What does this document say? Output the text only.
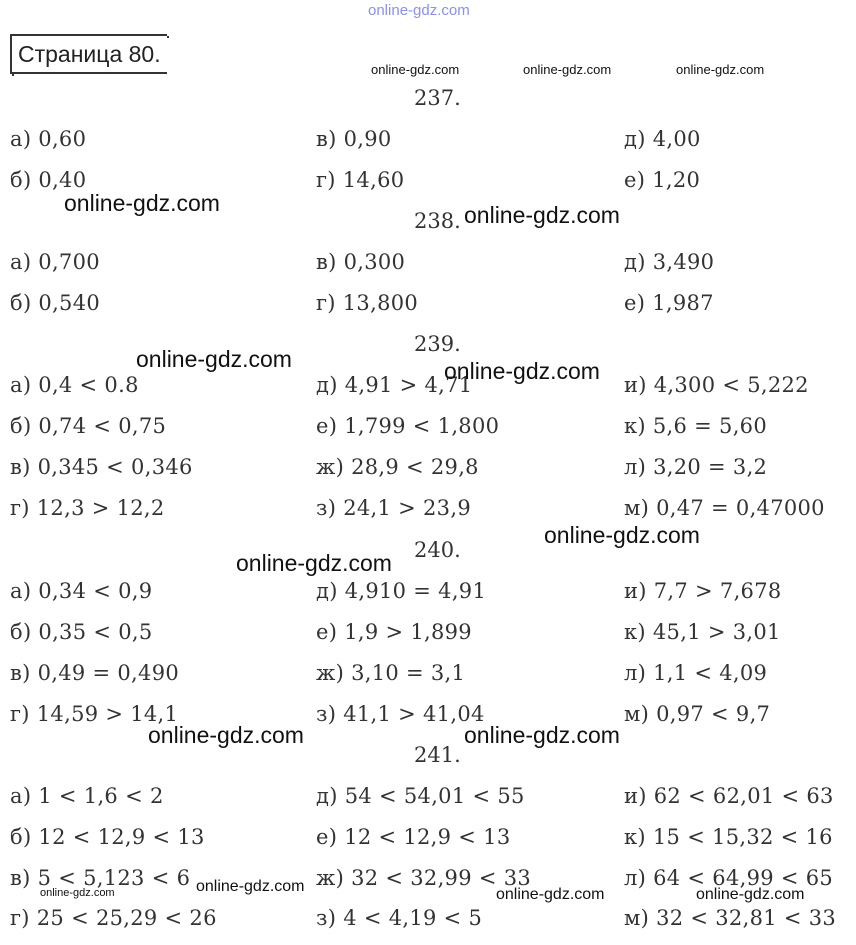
online-gdz.com
Страница 80.
online-gdz.com	online-gdz.com	online-gdz.com
237.
а) 0,60
б) 0,40
в) 0,90
г) 14,60
д) 4,00
е) 1,20
online-gdz.com
238. online-gdz.com
а) 0,700
б) 0,540
в) 0,300
г) 13,800
д) 3,490
е) 1,987
239.
online-gdz.com
а) 0,4 < 0.8
б) 0,74 < 0,75
в) 0,345 < 0,346
г) 12,3 > 12,2
д) 4,91 > 4,71
е) 1,799 < 1,800
ж) 28,9 < 29,8
з) 24,1 > 23,9
и) 4,300 < 5,222
к) 5,6 = 5,60
л) 3,20 = 3,2
м) 0,47 = 0,47000
online-gdz.com
online-gdz.com
240.
online-gdz.com
а) 0,34 < 0,9
б) 0,35 < 0,5
в) 0,49 = 0,490
г) 14,59 > 14,1
д) 4,910 = 4,91
е) 1,9 > 1,899
ж) 3,10 = 3,1
з) 41,1 > 41,04
и) 7,7 > 7,678
к) 45,1 > 3,01
л) 1,1 < 4,09
м) 0,97 < 9,7
online-gdz.com	online-gdz.com
241.
а) 1 < 1,6 < 2
б) 12 < 12,9 < 13
в) 5 < 5,123 < 6
г) 25 < 25,29 < 26
д) 54 < 54,01 < 55
е) 12 < 12,9 < 13
ж) 32 < 32,99 < 33
з) 4 < 4,19 < 5
и) 62 < 62,01 < 63
к) 15 < 15,32 < 16
л) 64 < 64,99 < 65
м) 32 < 32,81 < 33
online-gdz.com	online-gdz.com	online-gdz.com
online-gdz.com
